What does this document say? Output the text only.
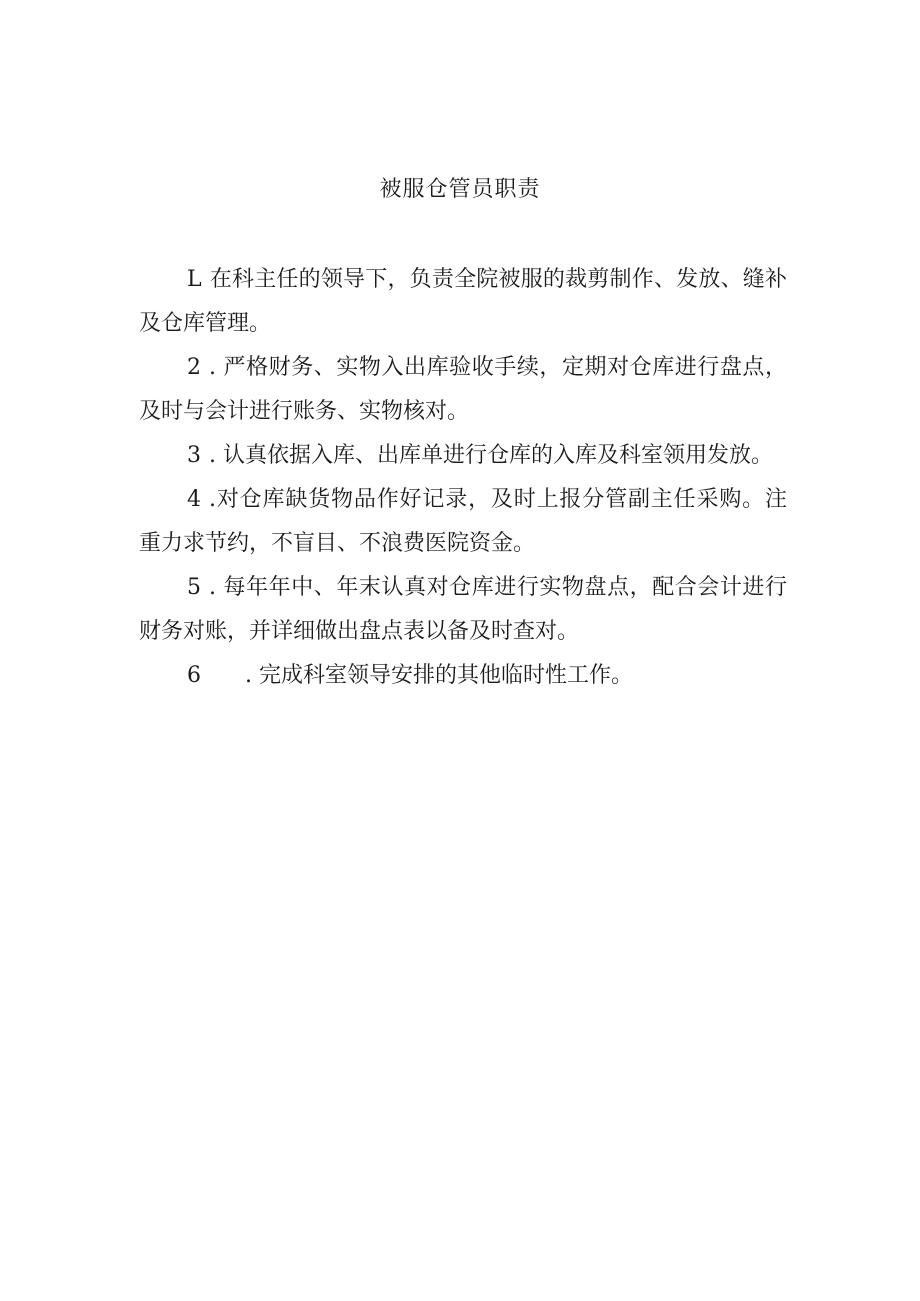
被服仓管员职责

L 在科主任的领导下，负责全院被服的裁剪制作、发放、缝补及仓库管理。

2 . 严格财务、实物入出库验收手续，定期对仓库进行盘点，及时与会计进行账务、实物核对。

3 . 认真依据入库、出库单进行仓库的入库及科室领用发放。

4 .对仓库缺货物品作好记录，及时上报分管副主任采购。注重力求节约，不盲目、不浪费医院资金。

5 . 每年年中、年末认真对仓库进行实物盘点，配合会计进行财务对账，并详细做出盘点表以备及时查对。

6 . 完成科室领导安排的其他临时性工作。
